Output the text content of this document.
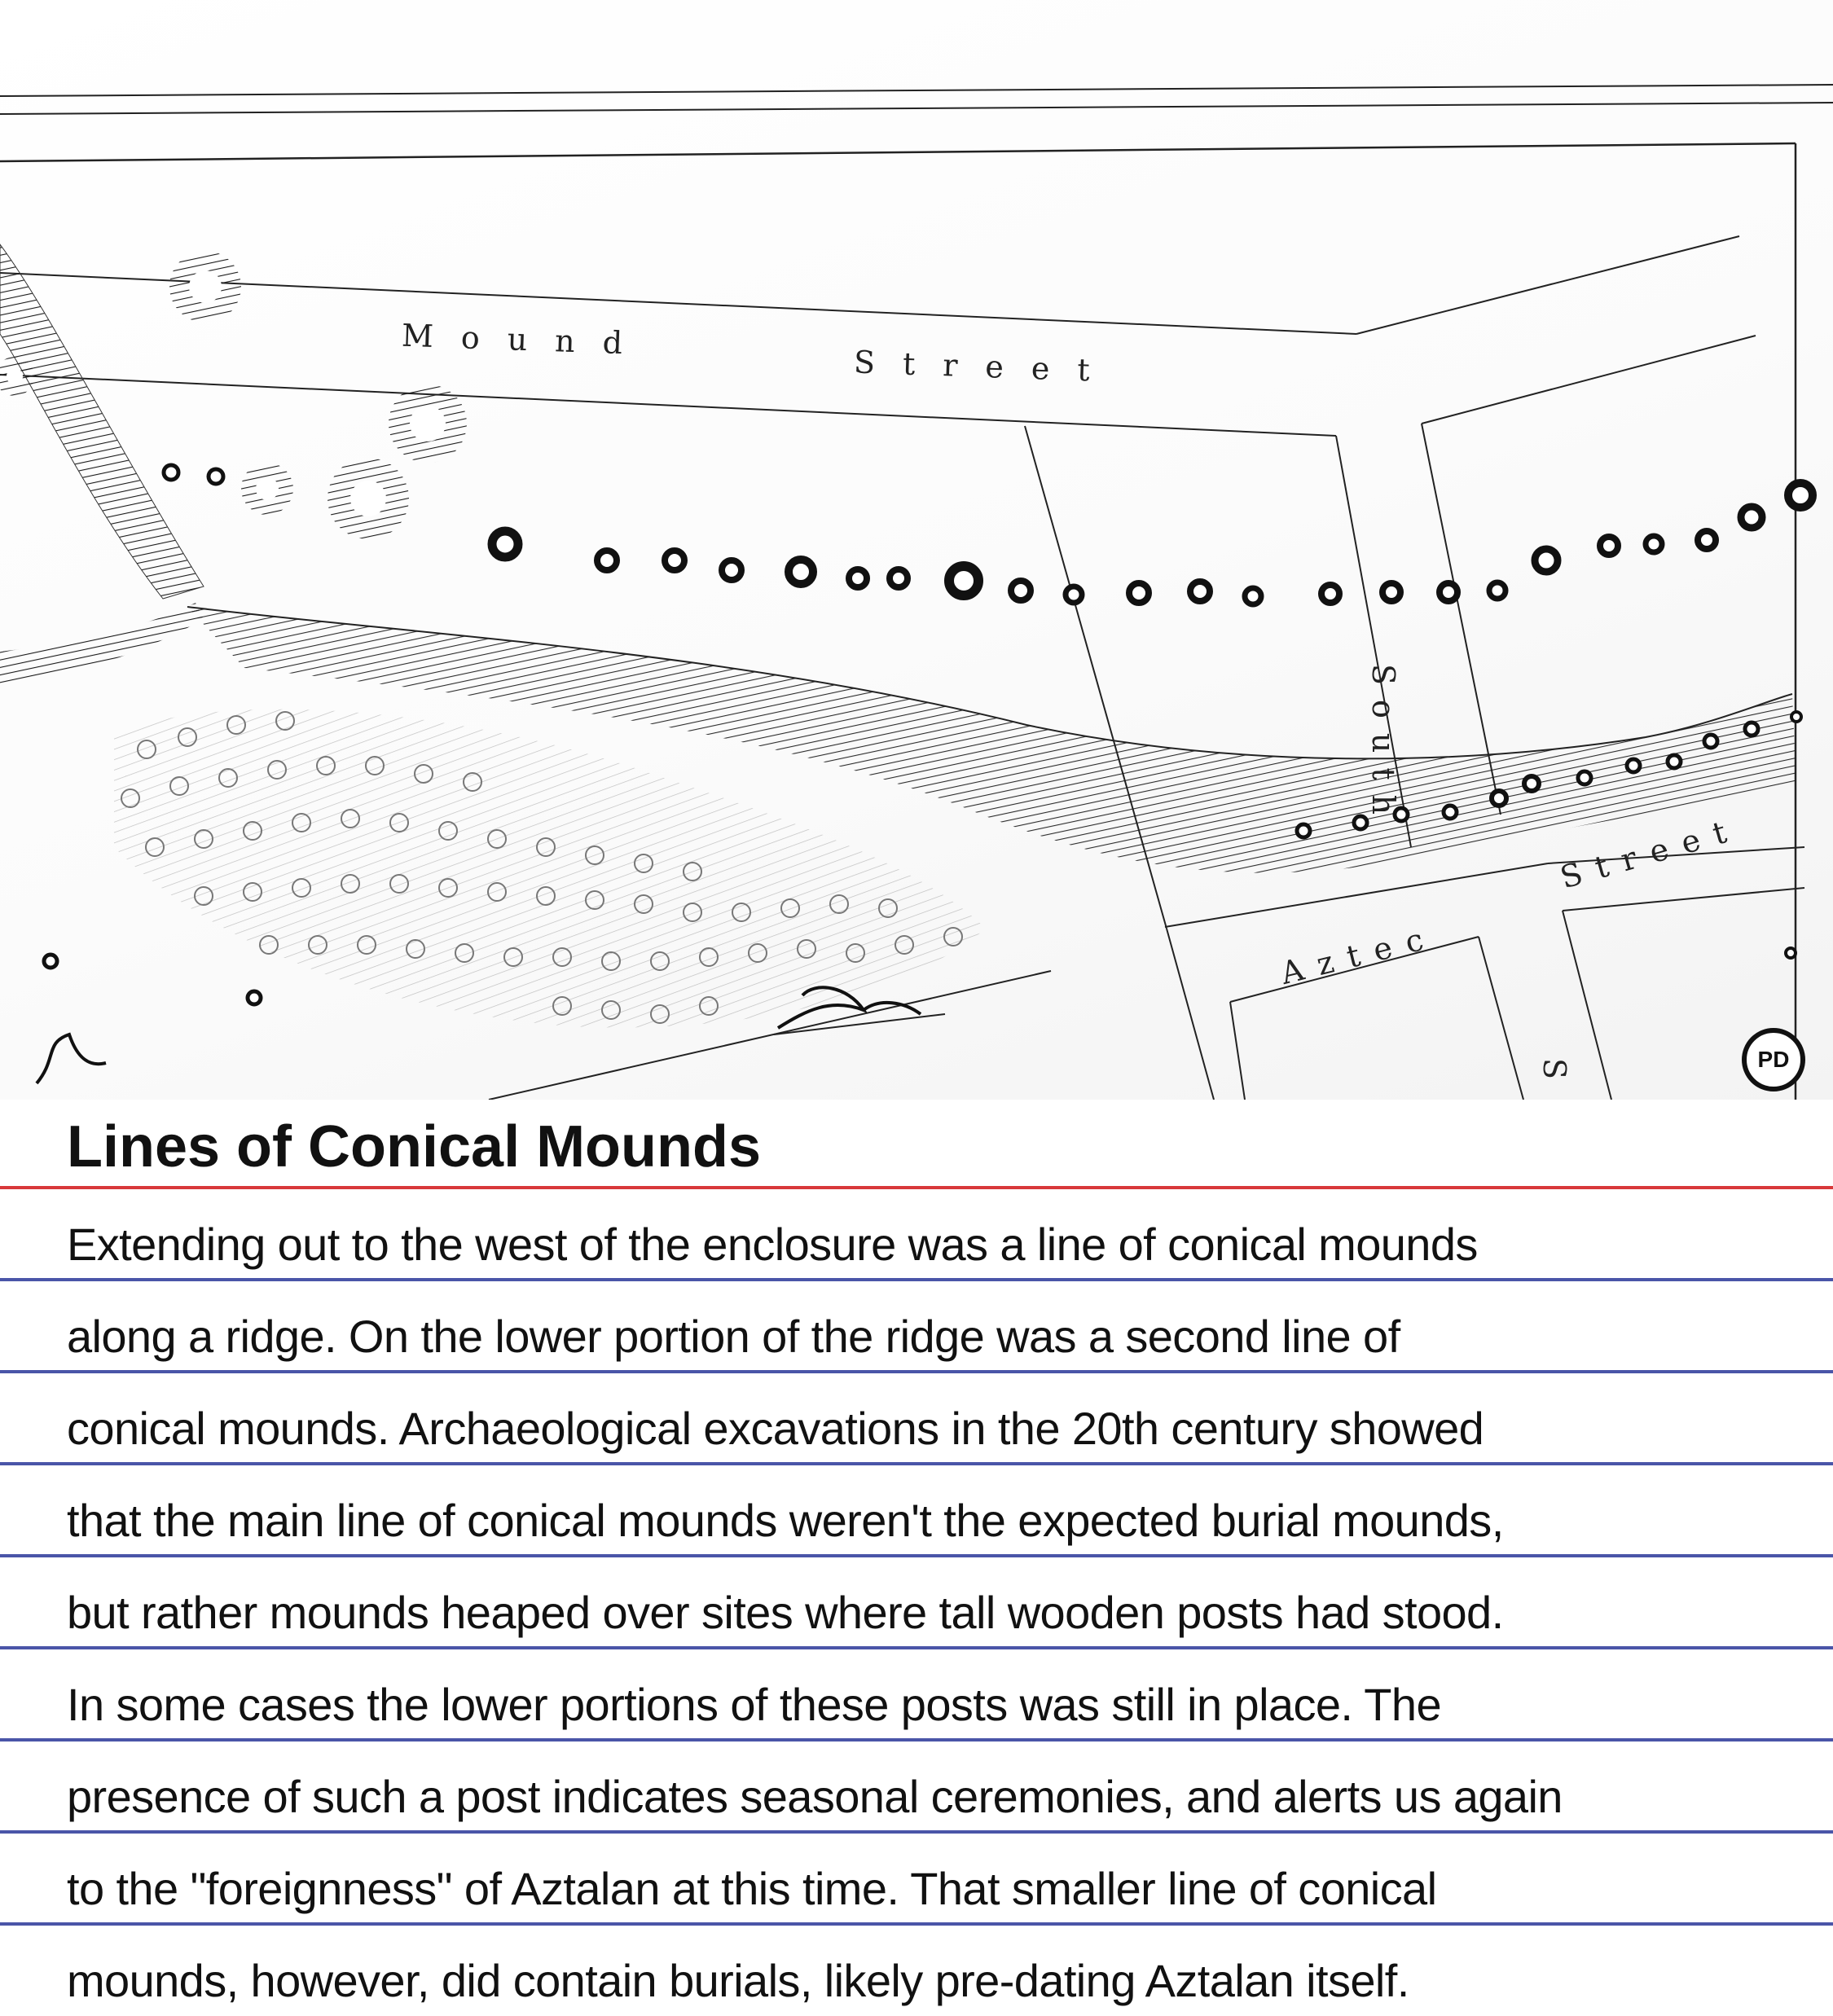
Mound
Street
South
Aztec
Street
S	PD
Lines of Conical Mounds

Extending out to the west of the enclosure was a line of conical mounds

along a ridge. On the lower portion of the ridge was a second line of

conical mounds. Archaeological excavations in the 20th century showed

that the main line of conical mounds weren't the expected burial mounds,

but rather mounds heaped over sites where tall wooden posts had stood.

In some cases the lower portions of these posts was still in place. The

presence of such a post indicates seasonal ceremonies, and alerts us again

to the "foreignness" of Aztalan at this time. That smaller line of conical

mounds, however, did contain burials, likely pre-dating Aztalan itself.
